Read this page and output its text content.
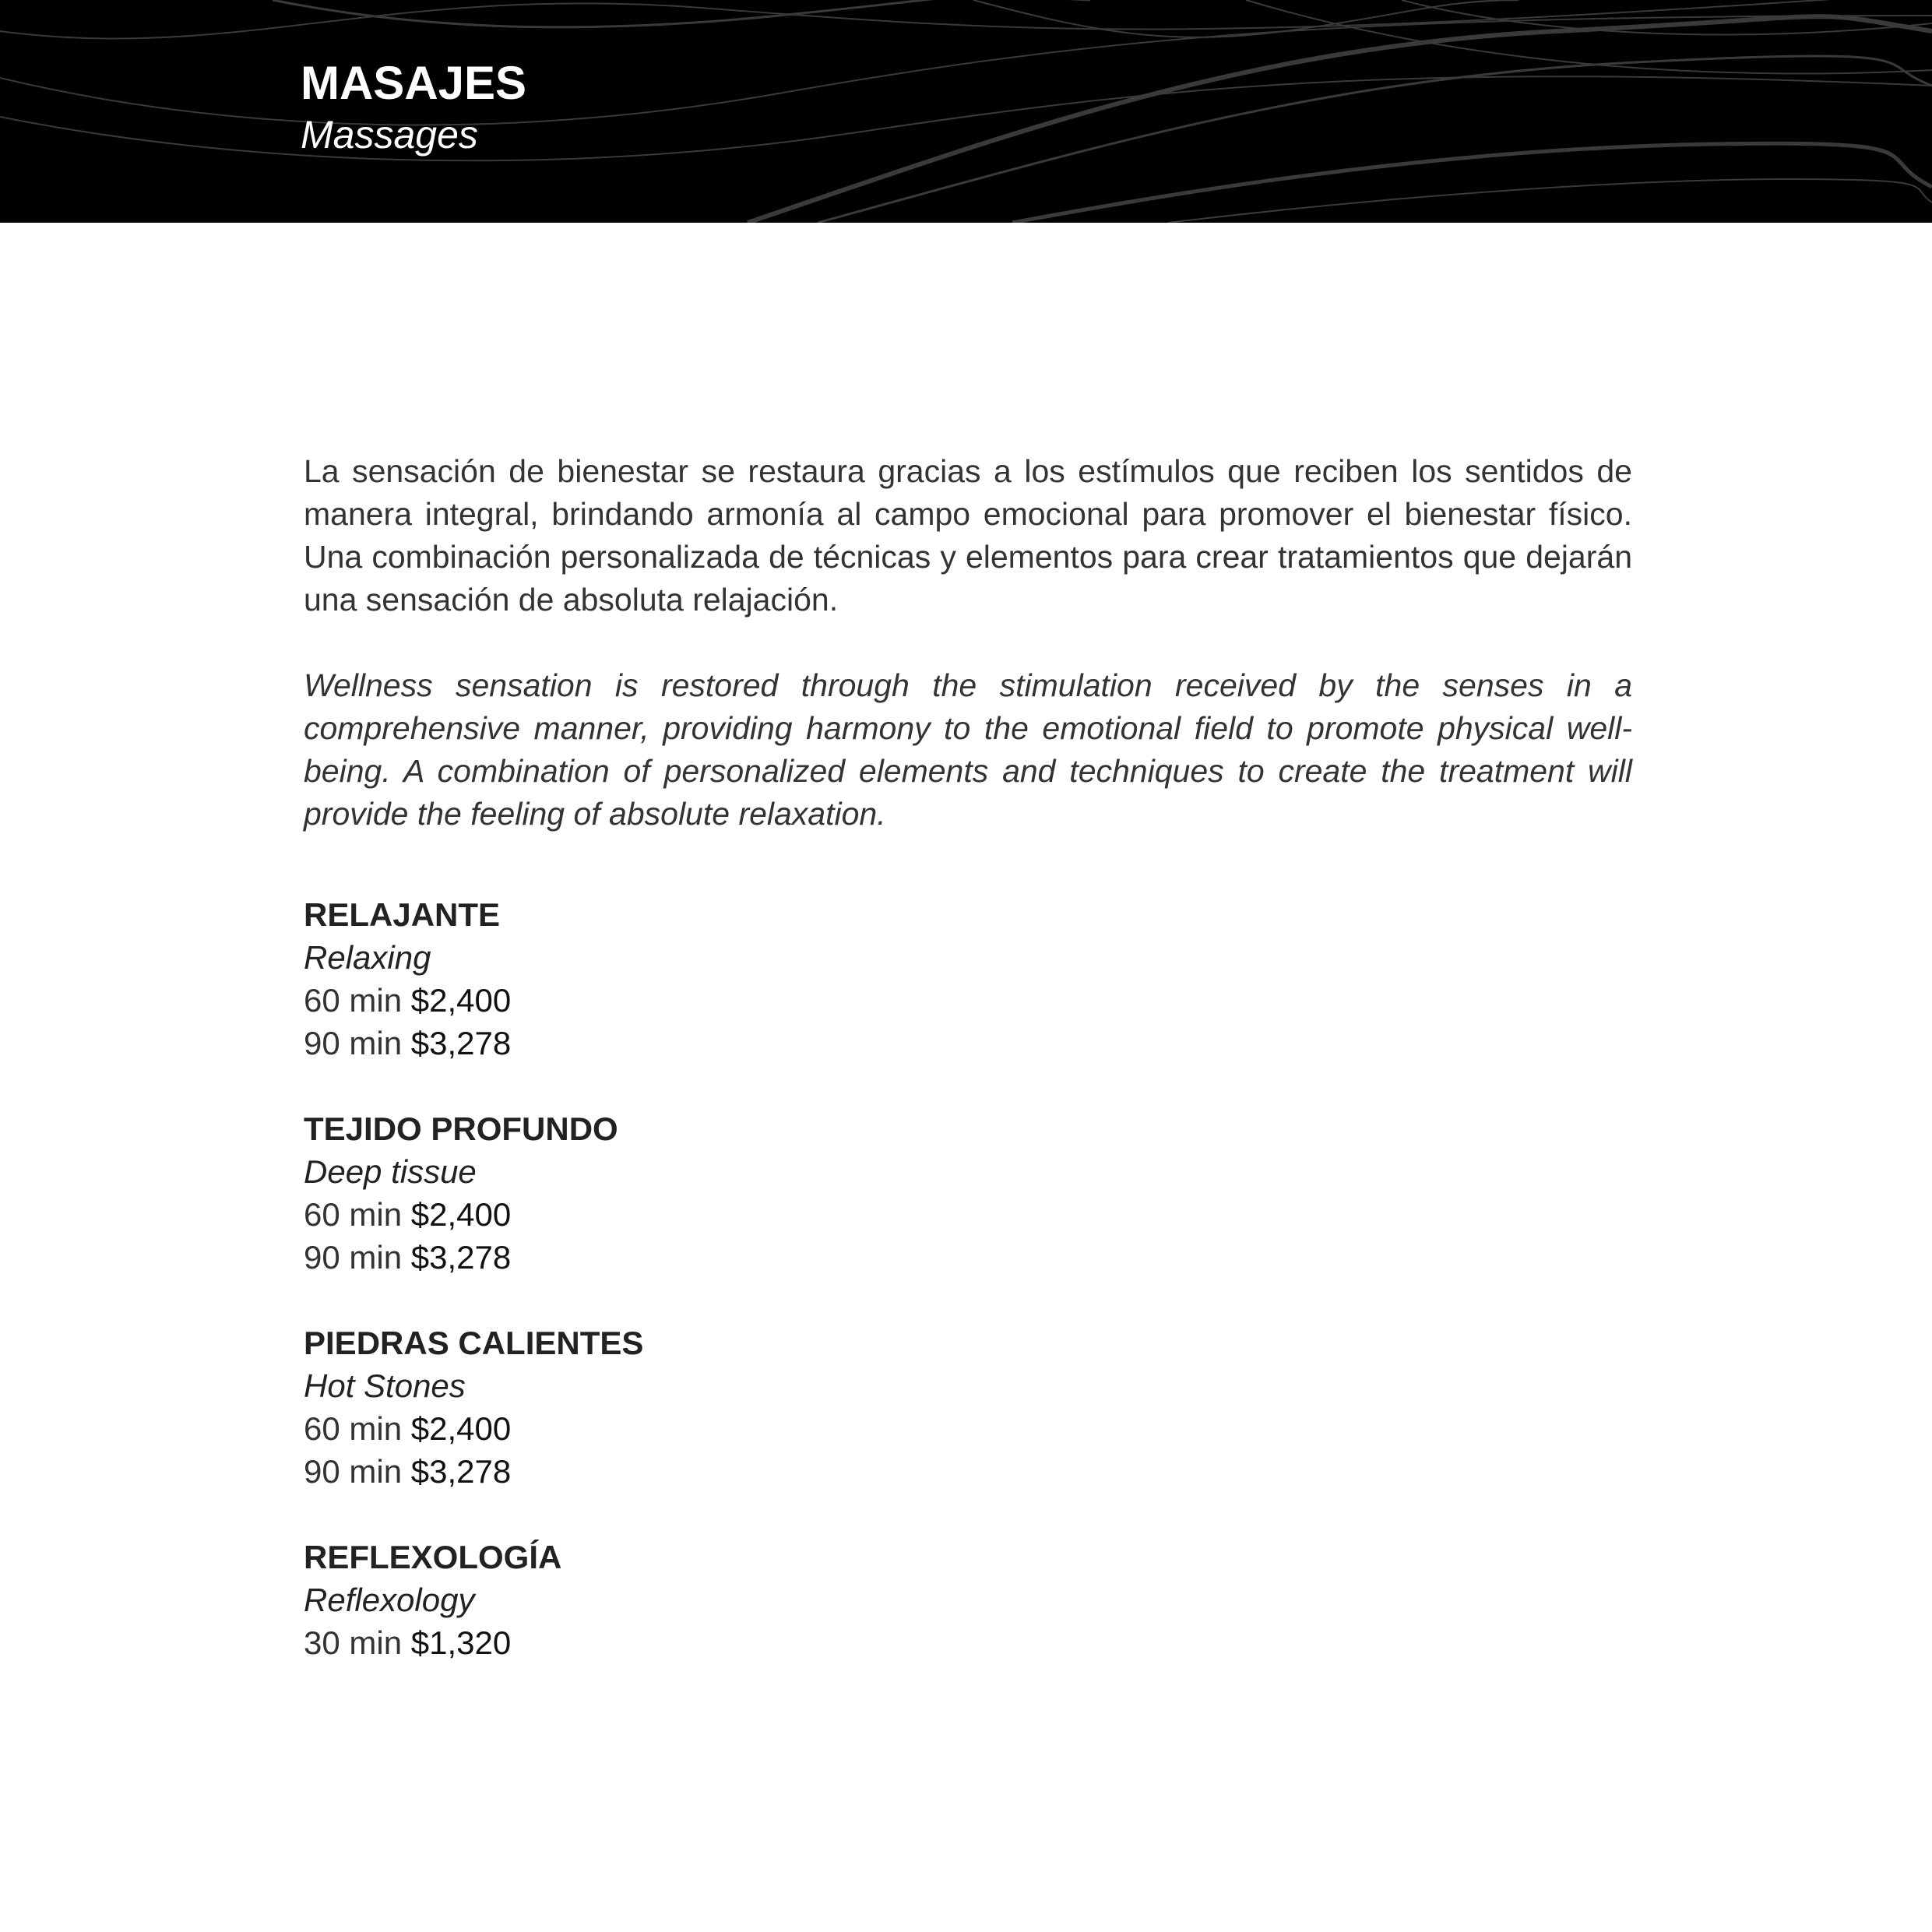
MASAJES
Massages

La sensación de bienestar se restaura gracias a los estímulos que reciben los sentidos de manera integral, brindando armonía al campo emocional para promover el bienestar físico. Una combinación personalizada de técnicas y elementos para crear tratamientos que dejarán una sensación de absoluta relajación.

Wellness sensation is restored through the stimulation received by the senses in a comprehensive manner, providing harmony to the emotional field to promote physical well-being. A combination of personalized elements and techniques to create the treatment will provide the feeling of absolute relaxation.

RELAJANTE
Relaxing
60 min $2,400
90 min $3,278
TEJIDO PROFUNDO
Deep tissue
60 min $2,400
90 min $3,278
PIEDRAS CALIENTES
Hot Stones
60 min $2,400
90 min $3,278
REFLEXOLOGÍA
Reflexology
30 min $1,320
